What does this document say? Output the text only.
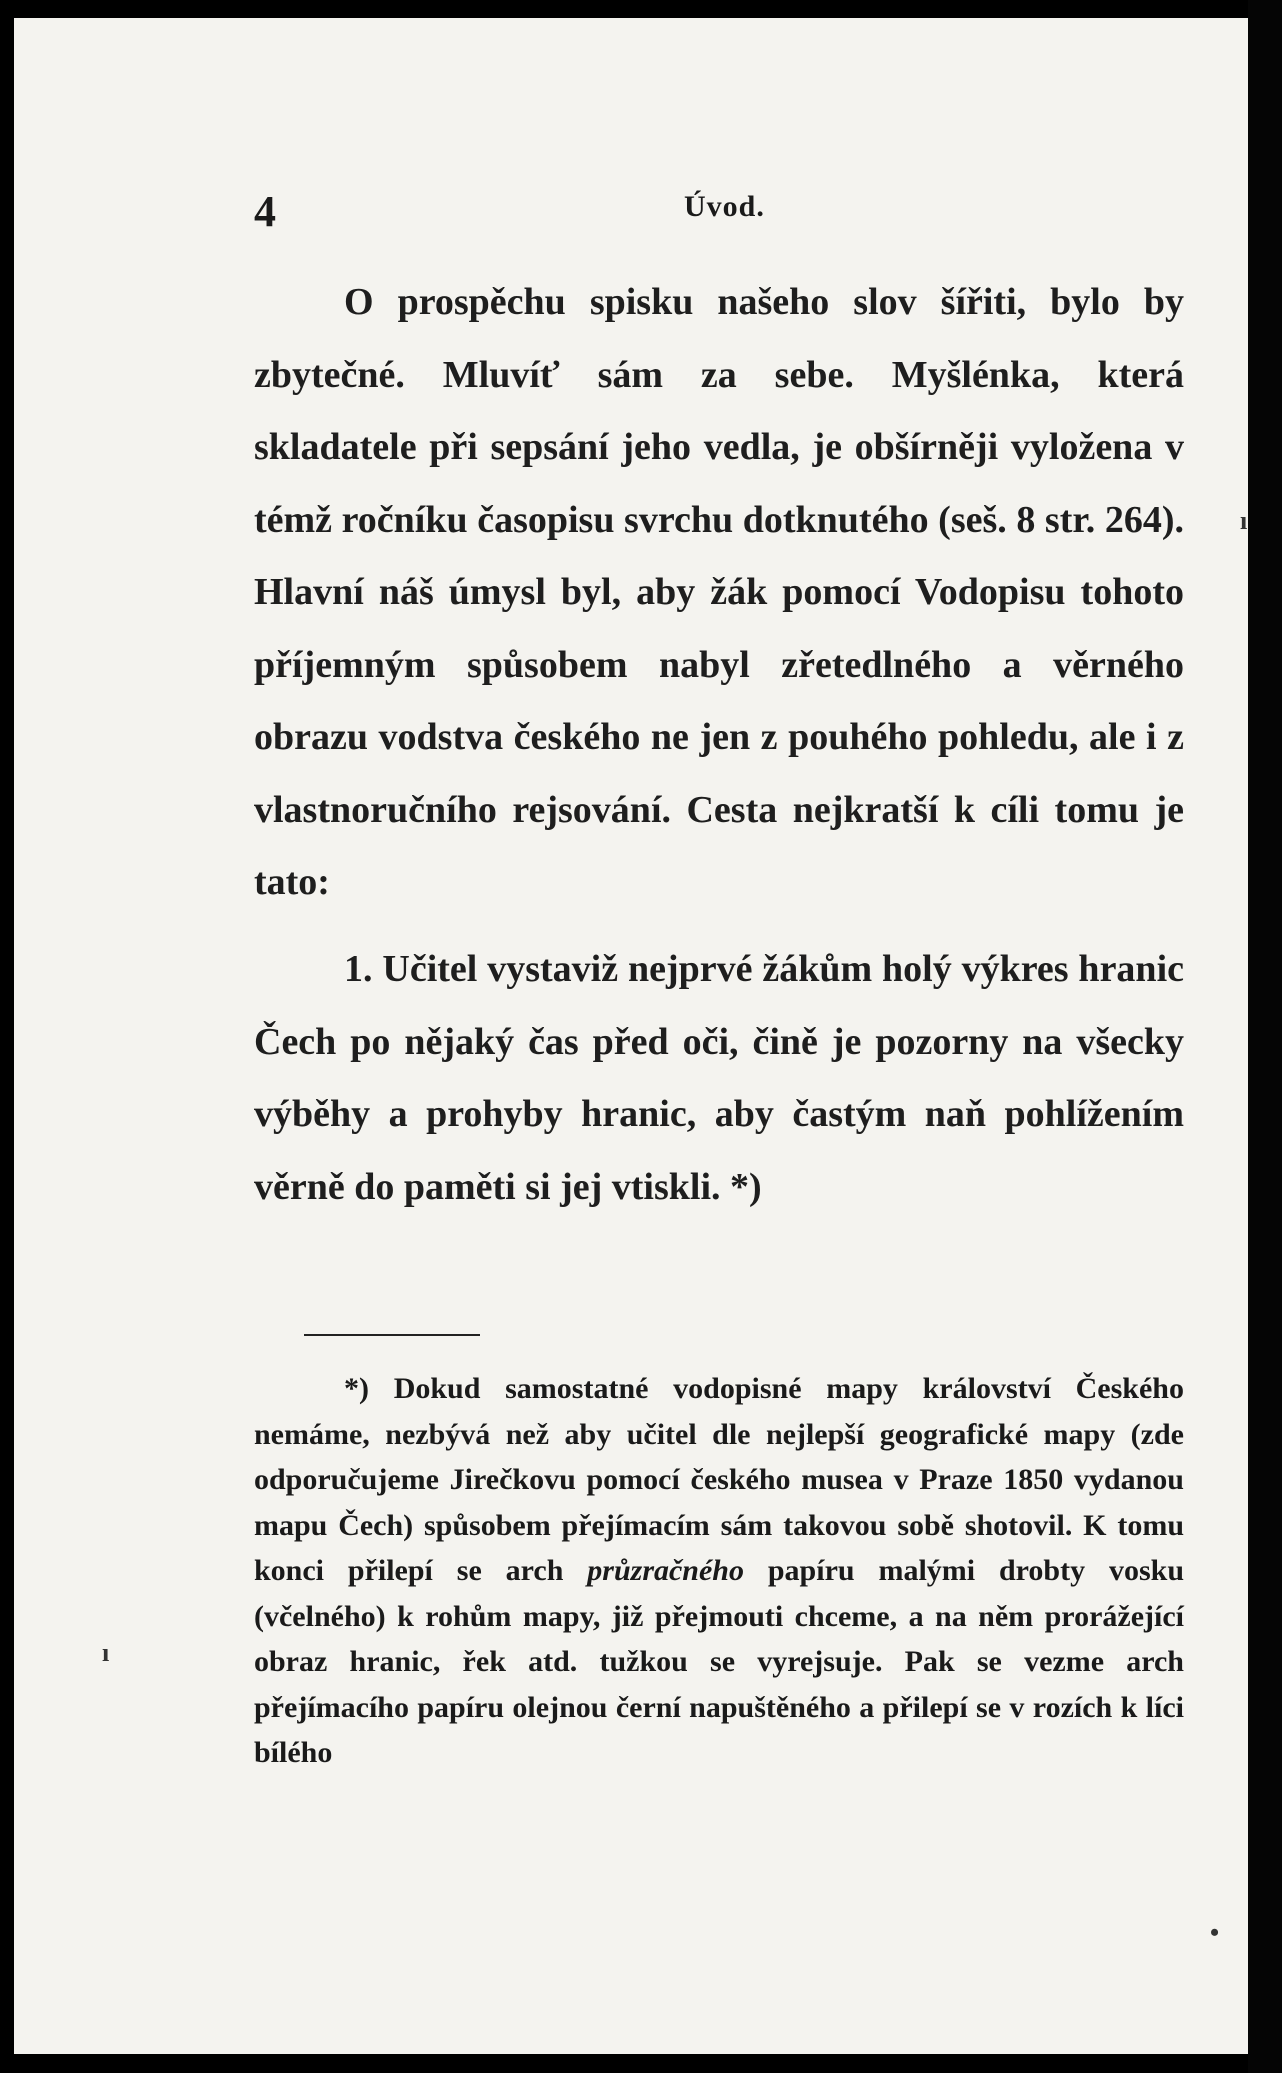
4	Úvod.
O prospěchu spisku našeho slov šířiti, bylo by zbytečné. Mluvíť sám za sebe. Myšlénka, která skladatele při sepsání jeho vedla, je obšírněji vyložena v témž ročníku časopisu svrchu dotknutého (seš. 8 str. 264). Hlavní náš úmysl byl, aby žák pomocí Vodopisu tohoto příjemným spůsobem nabyl zřetedlného a věrného obrazu vodstva českého ne jen z pouhého pohledu, ale i z vlastnoručního rejsování. Cesta nejkratší k cíli tomu je tato:
1. Učitel vystaviž nejprvé žákům holý výkres hranic Čech po nějaký čas před oči, čině je pozorny na všecky výběhy a prohyby hranic, aby častým naň pohlížením věrně do paměti si jej vtiskli. *)
*) Dokud samostatné vodopisné mapy království Českého nemáme, nezbývá než aby učitel dle nejlepší geografické mapy (zde odporučujeme Jirečkovu pomocí českého musea v Praze 1850 vydanou mapu Čech) spůsobem přejímacím sám takovou sobě shotovil. K tomu konci přilepí se arch průzračného papíru malými drobty vosku (včelného) k rohům mapy, již přejmouti chceme, a na něm prorážející obraz hranic, řek atd. tužkou se vyrejsuje. Pak se vezme arch přejímacího papíru olejnou černí napuštěného a přilepí se v rozích k líci bílého
ı
ı
•
